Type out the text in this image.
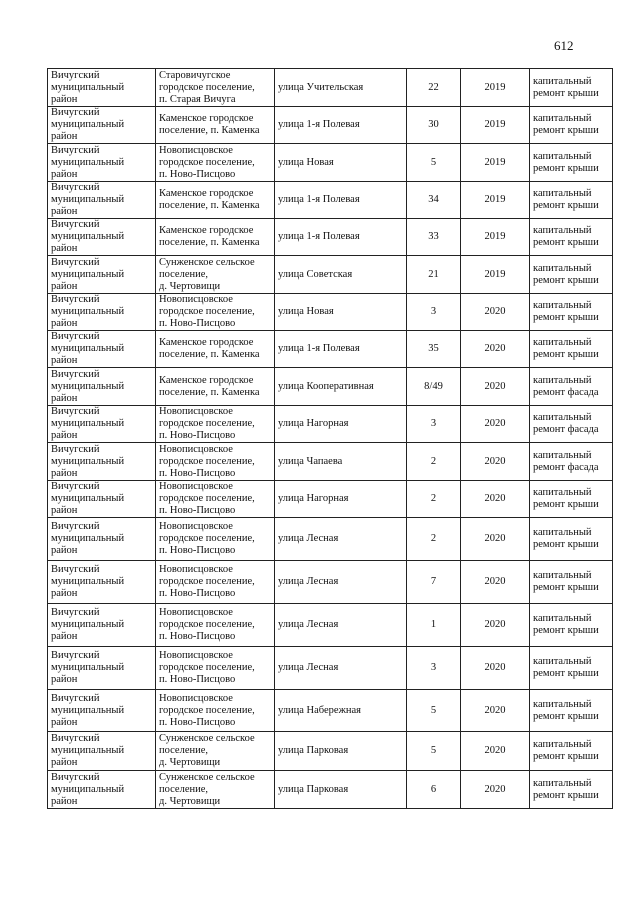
612
Вичугский
муниципальный
район	Старовичугское
городское поселение,
п. Старая Вичуга	улица Учительская	22	2019	капитальный
ремонт крыши

Вичугский
муниципальный
район	Каменское городское
поселение, п. Каменка	улица 1-я Полевая	30	2019	капитальный
ремонт крыши

Вичугский
муниципальный
район	Новописцовское
городское поселение,
п. Ново-Писцово	улица Новая	5	2019	капитальный
ремонт крыши

Вичугский
муниципальный
район	Каменское городское
поселение, п. Каменка	улица 1-я Полевая	34	2019	капитальный
ремонт крыши

Вичугский
муниципальный
район	Каменское городское
поселение, п. Каменка	улица 1-я Полевая	33	2019	капитальный
ремонт крыши

Вичугский
муниципальный
район	Сунженское сельское
поселение,
д. Чертовищи	улица Советская	21	2019	капитальный
ремонт крыши

Вичугский
муниципальный
район	Новописцовское
городское поселение,
п. Ново-Писцово	улица Новая	3	2020	капитальный
ремонт крыши

Вичугский
муниципальный
район	Каменское городское
поселение, п. Каменка	улица 1-я Полевая	35	2020	капитальный
ремонт крыши

Вичугский
муниципальный
район	Каменское городское
поселение, п. Каменка	улица Кооперативная	8/49	2020	капитальный
ремонт фасада

Вичугский
муниципальный
район	Новописцовское
городское поселение,
п. Ново-Писцово	улица Нагорная	3	2020	капитальный
ремонт фасада

Вичугский
муниципальный
район	Новописцовское
городское поселение,
п. Ново-Писцово	улица Чапаева	2	2020	капитальный
ремонт фасада

Вичугский
муниципальный
район	Новописцовское
городское поселение,
п. Ново-Писцово	улица Нагорная	2	2020	капитальный
ремонт крыши

Вичугский
муниципальный
район	Новописцовское
городское поселение,
п. Ново-Писцово	улица Лесная	2	2020	капитальный
ремонт крыши

Вичугский
муниципальный
район	Новописцовское
городское поселение,
п. Ново-Писцово	улица Лесная	7	2020	капитальный
ремонт крыши

Вичугский
муниципальный
район	Новописцовское
городское поселение,
п. Ново-Писцово	улица Лесная	1	2020	капитальный
ремонт крыши

Вичугский
муниципальный
район	Новописцовское
городское поселение,
п. Ново-Писцово	улица Лесная	3	2020	капитальный
ремонт крыши

Вичугский
муниципальный
район	Новописцовское
городское поселение,
п. Ново-Писцово	улица Набережная	5	2020	капитальный
ремонт крыши

Вичугский
муниципальный
район	Сунженское сельское
поселение,
д. Чертовищи	улица Парковая	5	2020	капитальный
ремонт крыши

Вичугский
муниципальный
район	Сунженское сельское
поселение,
д. Чертовищи	улица Парковая	6	2020	капитальный
ремонт крыши
